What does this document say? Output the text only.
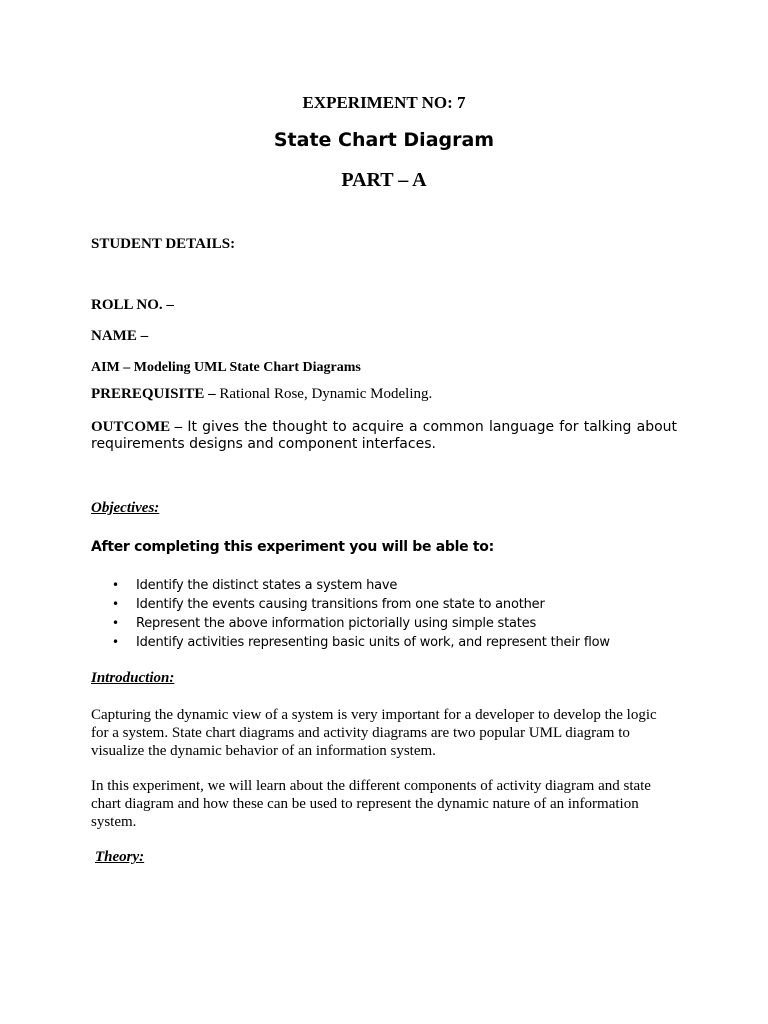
EXPERIMENT NO: 7

State Chart Diagram

PART – A

STUDENT DETAILS:

ROLL NO. –

NAME –

AIM – Modeling UML State Chart Diagrams

PREREQUISITE – Rational Rose, Dynamic Modeling.

OUTCOME – It gives the thought to acquire a common language for talking about requirements designs and component interfaces.

Objectives:

After completing this experiment you will be able to:

• Identify the distinct states a system have
• Identify the events causing transitions from one state to another
• Represent the above information pictorially using simple states
• Identify activities representing basic units of work, and represent their flow

Introduction:

Capturing the dynamic view of a system is very important for a developer to develop the logic for a system. State chart diagrams and activity diagrams are two popular UML diagram to visualize the dynamic behavior of an information system.

In this experiment, we will learn about the different components of activity diagram and state chart diagram and how these can be used to represent the dynamic nature of an information system.

Theory:
